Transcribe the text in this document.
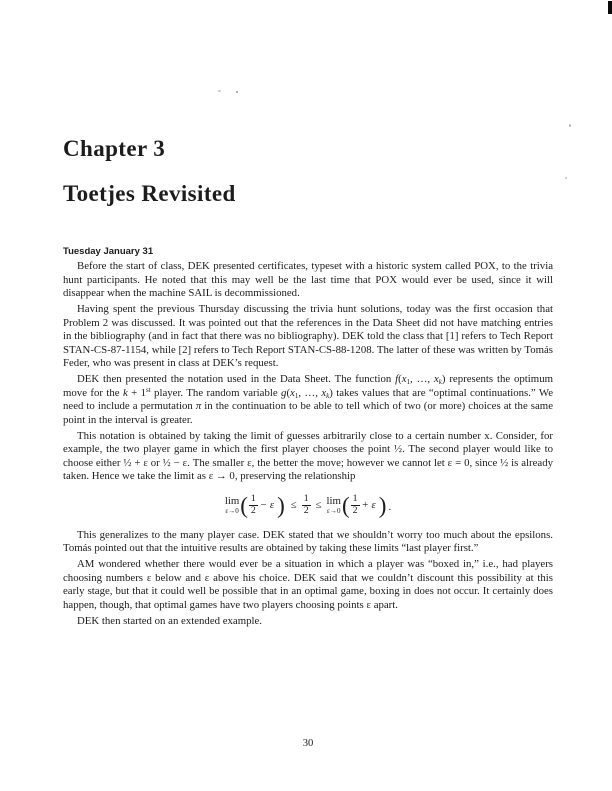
Chapter 3
Toetjes Revisited
Tuesday January 31

Before the start of class, DEK presented certificates, typeset with a historic system called POX, to the trivia hunt participants. He noted that this may well be the last time that POX would ever be used, since it will disappear when the machine SAIL is decommissioned.

Having spent the previous Thursday discussing the trivia hunt solutions, today was the first occasion that Problem 2 was discussed. It was pointed out that the references in the Data Sheet did not have matching entries in the bibliography (and in fact that there was no bibliography). DEK told the class that [1] refers to Tech Report STAN-CS-87-1154, while [2] refers to Tech Report STAN-CS-88-1208. The latter of these was written by Tomás Feder, who was present in class at DEK’s request.

DEK then presented the notation used in the Data Sheet. The function $f(x_1$, …, $x_k$) represents the optimum move for the k + 1st player. The random variable $g(x_1$, …, $x_k$) takes values that are “optimal continuations.” We need to include a permutation π in the continuation to be able to tell which of two (or more) choices at the same point in the interval is greater.

This notation is obtained by taking the limit of guesses arbitrarily close to a certain number x. Consider, for example, the two player game in which the first player chooses the point ½. The second player would like to choose either ½ + ε or ½ − ε. The smaller ε, the better the move; however we cannot let ε = 0, since ½ is already taken. Hence we take the limit as ε → 0, preserving the relationship

lim
ε→0 ( $\frac{1}{2} - \varepsilon$ ) ≤ $\frac{1}{2} \le \lim$
ε→0 ( $\frac{1}{2} + \varepsilon$ ) .

This generalizes to the many player case. DEK stated that we shouldn’t worry too much about the epsilons. Tomás pointed out that the intuitive results are obtained by taking these limits “last player first.”

AM wondered whether there would ever be a situation in which a player was “boxed in,” i.e., had players choosing numbers ε below and ε above his choice. DEK said that we couldn’t discount this possibility at this early stage, but that it could well be possible that in an optimal game, boxing in does not occur. It certainly does happen, though, that optimal games have two players choosing points ε apart.

DEK then started on an extended example.

30
